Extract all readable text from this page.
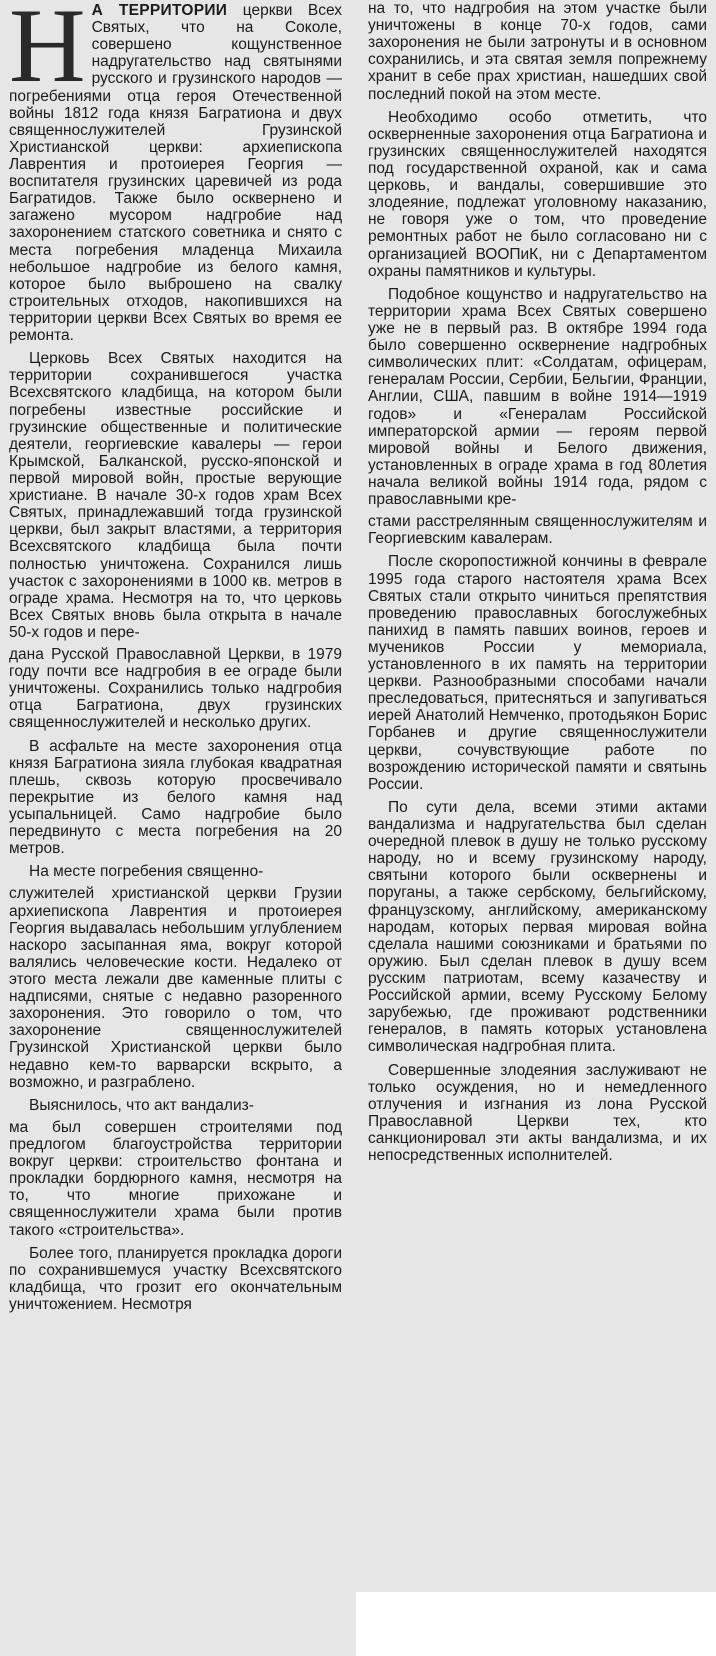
Н А ТЕРРИТОРИИ церкви Всех Святых, что на Соколе, совершено кощунственное надругательство над святынями русского и грузинского народов — погребениями отца героя Отечественной войны 1812 года князя Багратиона и двух священнослужителей Грузинской Христианской церкви: архиепископа Лаврентия и протоиерея Георгия — воспитателя грузинских царевичей из рода Багратидов. Также было осквернено и загажено мусором надгробие над захоронением статского советника и снято с места погребения младенца Михаила небольшое надгробие из белого камня, которое было выброшено на свалку строительных отходов, накопившихся на территории церкви Всех Святых во время ее ремонта.

Церковь Всех Святых находится на территории сохранившегося участка Всехсвятского кладбища, на котором были погребены известные российские и грузинские общественные и политические деятели, георгиевские кавалеры — герои Крымской, Балканской, русско-японской и первой мировой войн, простые верующие христиане. В начале 30-х годов храм Всех Святых, принадлежавший тогда грузинской церкви, был закрыт властями, а территория Всехсвятского кладбища была почти полностью уничтожена. Сохранился лишь участок с захоронениями в 1000 кв. метров в ограде храма. Несмотря на то, что церковь Всех Святых вновь была открыта в начале 50-х годов и пере-

дана Русской Православной Церкви, в 1979 году почти все надгробия в ее ограде были уничтожены. Сохранились только надгробия отца Багратиона, двух грузинских священнослужителей и несколько других.

В асфальте на месте захоронения отца князя Багратиона зияла глубокая квадратная плешь, сквозь которую просвечивало перекрытие из белого камня над усыпальницей. Само надгробие было передвинуто с места погребения на 20 метров.

На месте погребения священно-

служителей христианской церкви Грузии архиепископа Лаврентия и протоиерея Георгия выдавалась небольшим углублением наскоро засыпанная яма, вокруг которой валялись человеческие кости. Недалеко от этого места лежали две каменные плиты с надписями, снятые с недавно разоренного захоронения. Это говорило о том, что захоронение священнослужителей Грузинской Христианской церкви было недавно кем-то варварски вскрыто, а возможно, и разграблено.

Выяснилось, что акт вандализ-

ма был совершен строителями под предлогом благоустройства территории вокруг церкви: строительство фонтана и прокладки бордюрного камня, несмотря на то, что многие прихожане и священнослужители храма были против такого «строительства».

Более того, планируется прокладка дороги по сохранившемуся участку Всехсвятского кладбища, что грозит его окончательным уничтожением. Несмотря

на то, что надгробия на этом участке были уничтожены в конце 70-х годов, сами захоронения не были затронуты и в основном сохранились, и эта святая земля попрежнему хранит в себе прах христиан, нашедших свой последний покой на этом месте.

Необходимо особо отметить, что оскверненные захоронения отца Багратиона и грузинских священнослужителей находятся под государственной охраной, как и сама церковь, и вандалы, совершившие это злодеяние, подлежат уголовному наказанию, не говоря уже о том, что проведение ремонтных работ не было согласовано ни с организацией ВООПиК, ни с Департаментом охраны памятников и культуры.

Подобное кощунство и надругательство на территории храма Всех Святых совершено уже не в первый раз. В октябре 1994 года было совершенно осквернение надгробных символических плит: «Солдатам, офицерам, генералам России, Сербии, Бельгии, Франции, Англии, США, павшим в войне 1914—1919 годов» и «Генералам Российской императорской армии — героям первой мировой войны и Белого движения, установленных в ограде храма в год 80летия начала великой войны 1914 года, рядом с православными кре-

стами расстрелянным священнослужителям и Георгиевским кавалерам.

После скоропостижной кончины в феврале 1995 года старого настоятеля храма Всех Святых стали открыто чиниться препятствия проведению православных богослужебных панихид в память павших воинов, героев и мучеников России у мемориала, установленного в их память на территории церкви. Разнообразными способами начали преследоваться, притесняться и запугиваться иерей Анатолий Немченко, протодьякон Борис Горбанев и другие священнослужители церкви, сочувствующие работе по возрождению исторической памяти и святынь России.

По сути дела, всеми этими актами вандализма и надругательства был сделан очередной плевок в душу не только русскому народу, но и всему грузинскому народу, святыни которого были осквернены и поруганы, а также сербскому, бельгийскому, французскому, английскому, американскому народам, которых первая мировая война сделала нашими союзниками и братьями по оружию. Был сделан плевок в душу всем русским патриотам, всему казачеству и Российской армии, всему Русскому Белому зарубежью, где проживают родственники генералов, в память которых установлена символическая надгробная плита.

Совершенные злодеяния заслуживают не только осуждения, но и немедленного отлучения и изгнания из лона Русской Православной Церкви тех, кто санкционировал эти акты вандализма, и их непосредственных исполнителей.
